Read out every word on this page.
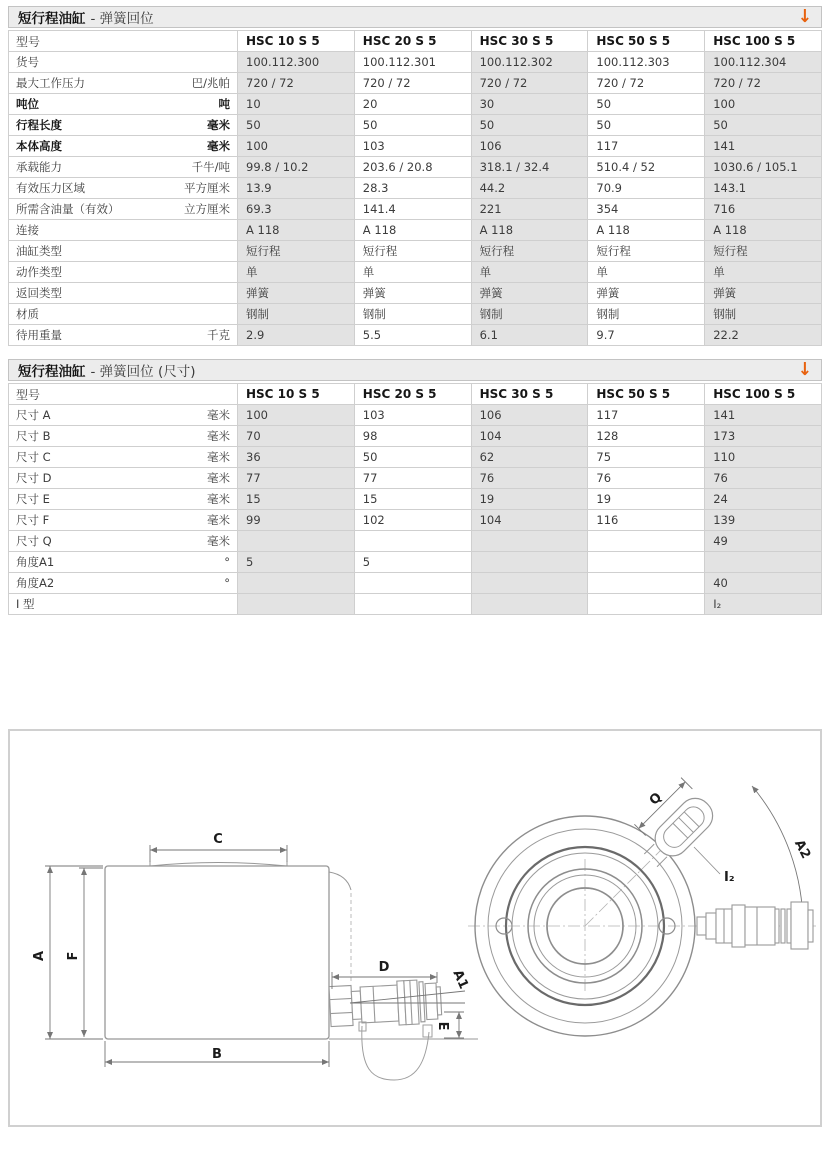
短行程油缸 - 弹簧回位	↓
型号	HSC 10 S 5	HSC 20 S 5	HSC 30 S 5	HSC 50 S 5	HSC 100 S 5

货号	100.112.300	100.112.301	100.112.302	100.112.303	100.112.304

最大工作压力 巴/兆帕	720 / 72	720 / 72	720 / 72	720 / 72	720 / 72

吨位 吨	10	20	30	50	100

行程长度 毫米	50	50	50	50	50

本体高度 毫米	100	103	106	117	141

承载能力 千牛/吨	99.8 / 10.2	203.6 / 20.8	318.1 / 32.4	510.4 / 52	1030.6 / 105.1

有效压力区域 平方厘米	13.9	28.3	44.2	70.9	143.1

所需含油量（有效） 立方厘米	69.3	141.4	221	354	716

连接	A 118	A 118	A 118	A 118	A 118

油缸类型	短行程	短行程	短行程	短行程	短行程

动作类型	单	单	单	单	单

返回类型	弹簧	弹簧	弹簧	弹簧	弹簧

材质	钢制	钢制	钢制	钢制	钢制

待用重量 千克	2.9	5.5	6.1	9.7	22.2
短行程油缸 - 弹簧回位 (尺寸)	↓
型号	HSC 10 S 5	HSC 20 S 5	HSC 30 S 5	HSC 50 S 5	HSC 100 S 5

尺寸 A 毫米	100	103	106	117	141

尺寸 B 毫米	70	98	104	128	173

尺寸 C 毫米	36	50	62	75	110

尺寸 D 毫米	77	77	76	76	76

尺寸 E 毫米	15	15	19	19	24

尺寸 F 毫米	99	102	104	116	139

尺寸 Q 毫米					49

角度A1 °	5	5			

角度A2 °					40

I 型					I₂
C
A F
B
D
A1
E
Q
I₂
A2
